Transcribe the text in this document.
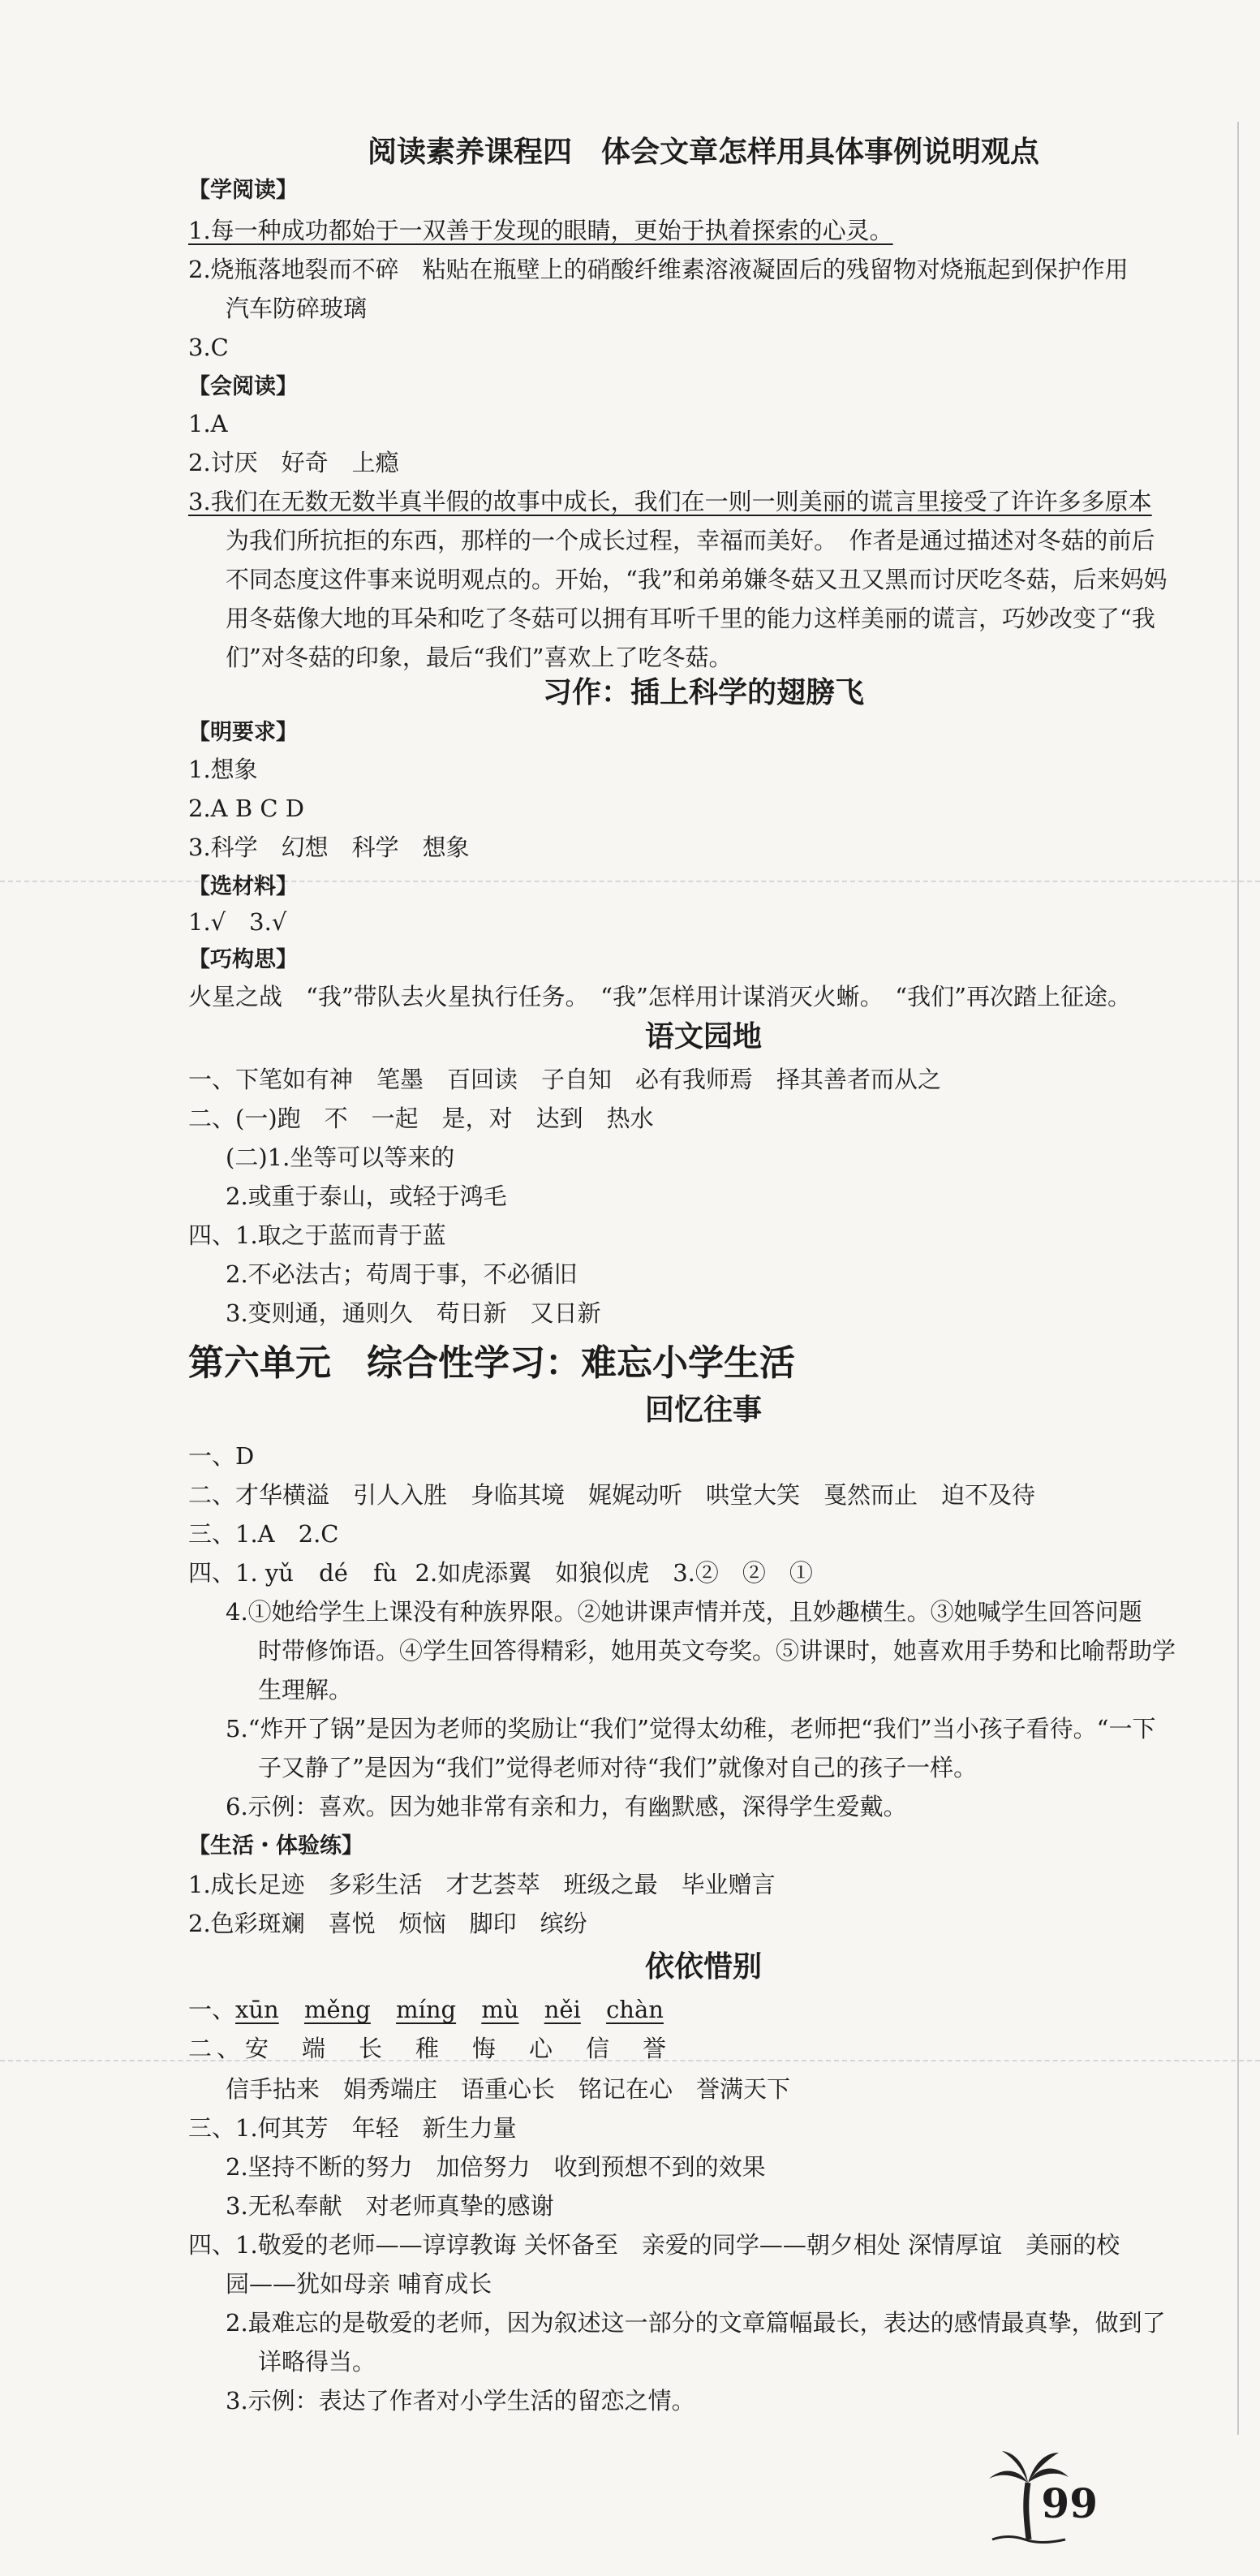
阅读素养课程四　体会文章怎样用具体事例说明观点
【学阅读】
1.每一种成功都始于一双善于发现的眼睛，更始于执着探索的心灵。
2.烧瓶落地裂而不碎　粘贴在瓶壁上的硝酸纤维素溶液凝固后的残留物对烧瓶起到保护作用
汽车防碎玻璃
3.C
【会阅读】
1.A
2.讨厌　好奇　上瘾
3.我们在无数无数半真半假的故事中成长，我们在一则一则美丽的谎言里接受了许许多多原本
为我们所抗拒的东西，那样的一个成长过程，幸福而美好。　作者是通过描述对冬菇的前后
不同态度这件事来说明观点的。开始，“我”和弟弟嫌冬菇又丑又黑而讨厌吃冬菇，后来妈妈
用冬菇像大地的耳朵和吃了冬菇可以拥有耳听千里的能力这样美丽的谎言，巧妙改变了“我
们”对冬菇的印象，最后“我们”喜欢上了吃冬菇。
习作：插上科学的翅膀飞
【明要求】
1.想象
2.A B C D
3.科学　幻想　科学　想象
【选材料】
1.√　3.√
【巧构思】
火星之战　“我”带队去火星执行任务。　“我”怎样用计谋消灭火蜥。　“我们”再次踏上征途。
语文园地
一、下笔如有神　笔墨　百回读　子自知　必有我师焉　择其善者而从之
二、(一)跑　不　一起　是，对　达到　热水
(二)1.坐等可以等来的
2.或重于泰山，或轻于鸿毛
四、1.取之于蓝而青于蓝
2.不必法古；苟周于事，不必循旧
3.变则通，通则久　苟日新　又日新
第六单元　综合性学习：难忘小学生活
回忆往事
一、D
二、才华横溢　引人入胜　身临其境　娓娓动听　哄堂大笑　戛然而止　迫不及待
三、1.A　2.C
四、1. yǔ dé fù 2.如虎添翼　如狼似虎　3.②　②　①
4.①她给学生上课没有种族界限。②她讲课声情并茂，且妙趣横生。③她喊学生回答问题
时带修饰语。④学生回答得精彩，她用英文夸奖。⑤讲课时，她喜欢用手势和比喻帮助学
生理解。
5.“炸开了锅”是因为老师的奖励让“我们”觉得太幼稚，老师把“我们”当小孩子看待。“一下
子又静了”是因为“我们”觉得老师对待“我们”就像对自己的孩子一样。
6.示例：喜欢。因为她非常有亲和力，有幽默感，深得学生爱戴。
【生活・体验练】
1.成长足迹　多彩生活　才艺荟萃　班级之最　毕业赠言
2.色彩斑斓　喜悦　烦恼　脚印　缤纷
依依惜别
一、xūn měng míng mù něi chàn
二、安　端　长　稚　悔　心　信　誉
信手拈来　娟秀端庄　语重心长　铭记在心　誉满天下
三、1.何其芳　年轻　新生力量
2.坚持不断的努力　加倍努力　收到预想不到的效果
3.无私奉献　对老师真挚的感谢
四、1.敬爱的老师——谆谆教诲 关怀备至　亲爱的同学——朝夕相处 深情厚谊　美丽的校
园——犹如母亲 哺育成长
2.最难忘的是敬爱的老师，因为叙述这一部分的文章篇幅最长，表达的感情最真挚，做到了
详略得当。
3.示例：表达了作者对小学生活的留恋之情。
99
